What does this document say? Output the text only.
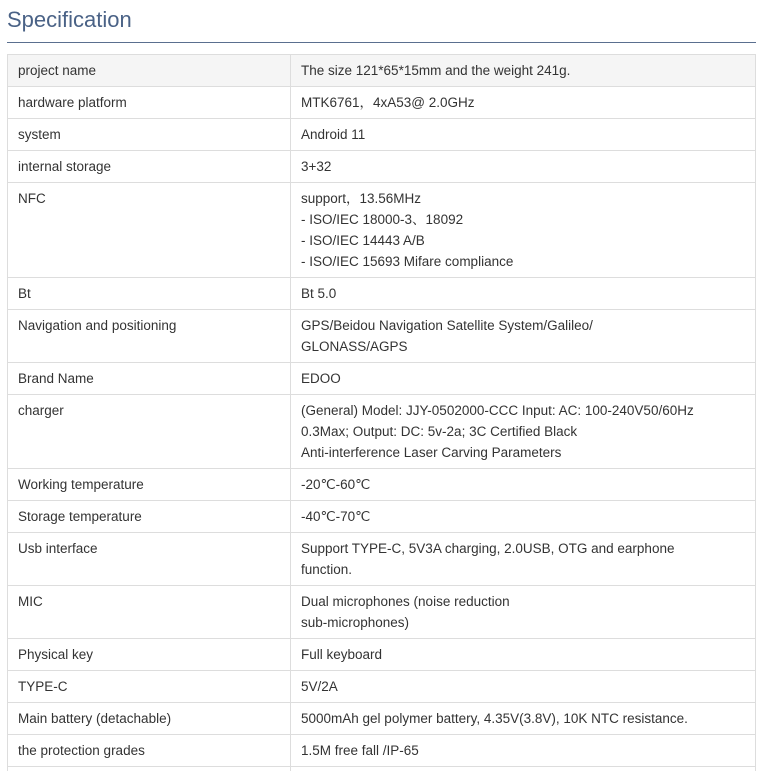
Specification
project name	The size 121*65*15mm and the weight 241g.

hardware platform	MTK6761，4xA53@ 2.0GHz

system	Android 11

internal storage	3+32

NFC	support，13.56MHz
- ISO/IEC 18000-3、18092
- ISO/IEC 14443 A/B
- ISO/IEC 15693 Mifare compliance

Bt	Bt 5.0

Navigation and positioning	GPS/Beidou Navigation Satellite System/Galileo/
GLONASS/AGPS

Brand Name	EDOO

charger	(General) Model: JJY-0502000-CCC Input: AC: 100-240V50/60Hz
0.3Max; Output: DC: 5v-2a; 3C Certified Black
Anti-interference Laser Carving Parameters

Working temperature	-20℃-60℃

Storage temperature	-40℃-70℃

Usb interface	Support TYPE-C, 5V3A charging, 2.0USB, OTG and earphone
function.

MIC	Dual microphones (noise reduction
sub-microphones)

Physical key	Full keyboard

TYPE-C	5V/2A

Main battery (detachable)	5000mAh gel polymer battery, 4.35V(3.8V), 10K NTC resistance.

the protection grades	1.5M free fall /IP-65
